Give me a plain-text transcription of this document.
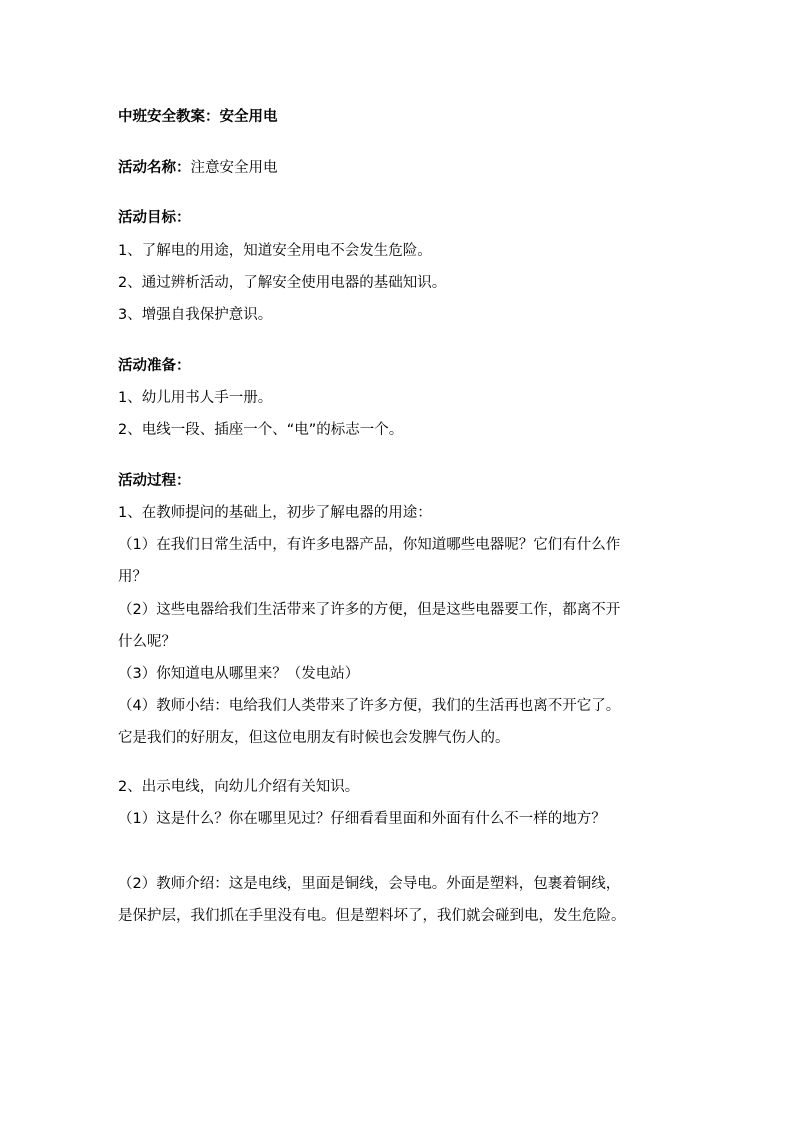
中班安全教案：安全用电
活动名称：注意安全用电
活动目标：
1、了解电的用途，知道安全用电不会发生危险。
2、通过辨析活动，了解安全使用电器的基础知识。
3、增强自我保护意识。
活动准备：
1、幼儿用书人手一册。
2、电线一段、插座一个、“电”的标志一个。
活动过程：
1、在教师提问的基础上，初步了解电器的用途：
（1）在我们日常生活中，有许多电器产品，你知道哪些电器呢？它们有什么作
用？
（2）这些电器给我们生活带来了许多的方便，但是这些电器要工作，都离不开
什么呢？
（3）你知道电从哪里来？（发电站）
（4）教师小结：电给我们人类带来了许多方便，我们的生活再也离不开它了。
它是我们的好朋友，但这位电朋友有时候也会发脾气伤人的。
2、出示电线，向幼儿介绍有关知识。
（1）这是什么？你在哪里见过？仔细看看里面和外面有什么不一样的地方？
（2）教师介绍：这是电线，里面是铜线，会导电。外面是塑料，包裹着铜线，
是保护层，我们抓在手里没有电。但是塑料坏了，我们就会碰到电，发生危险。
